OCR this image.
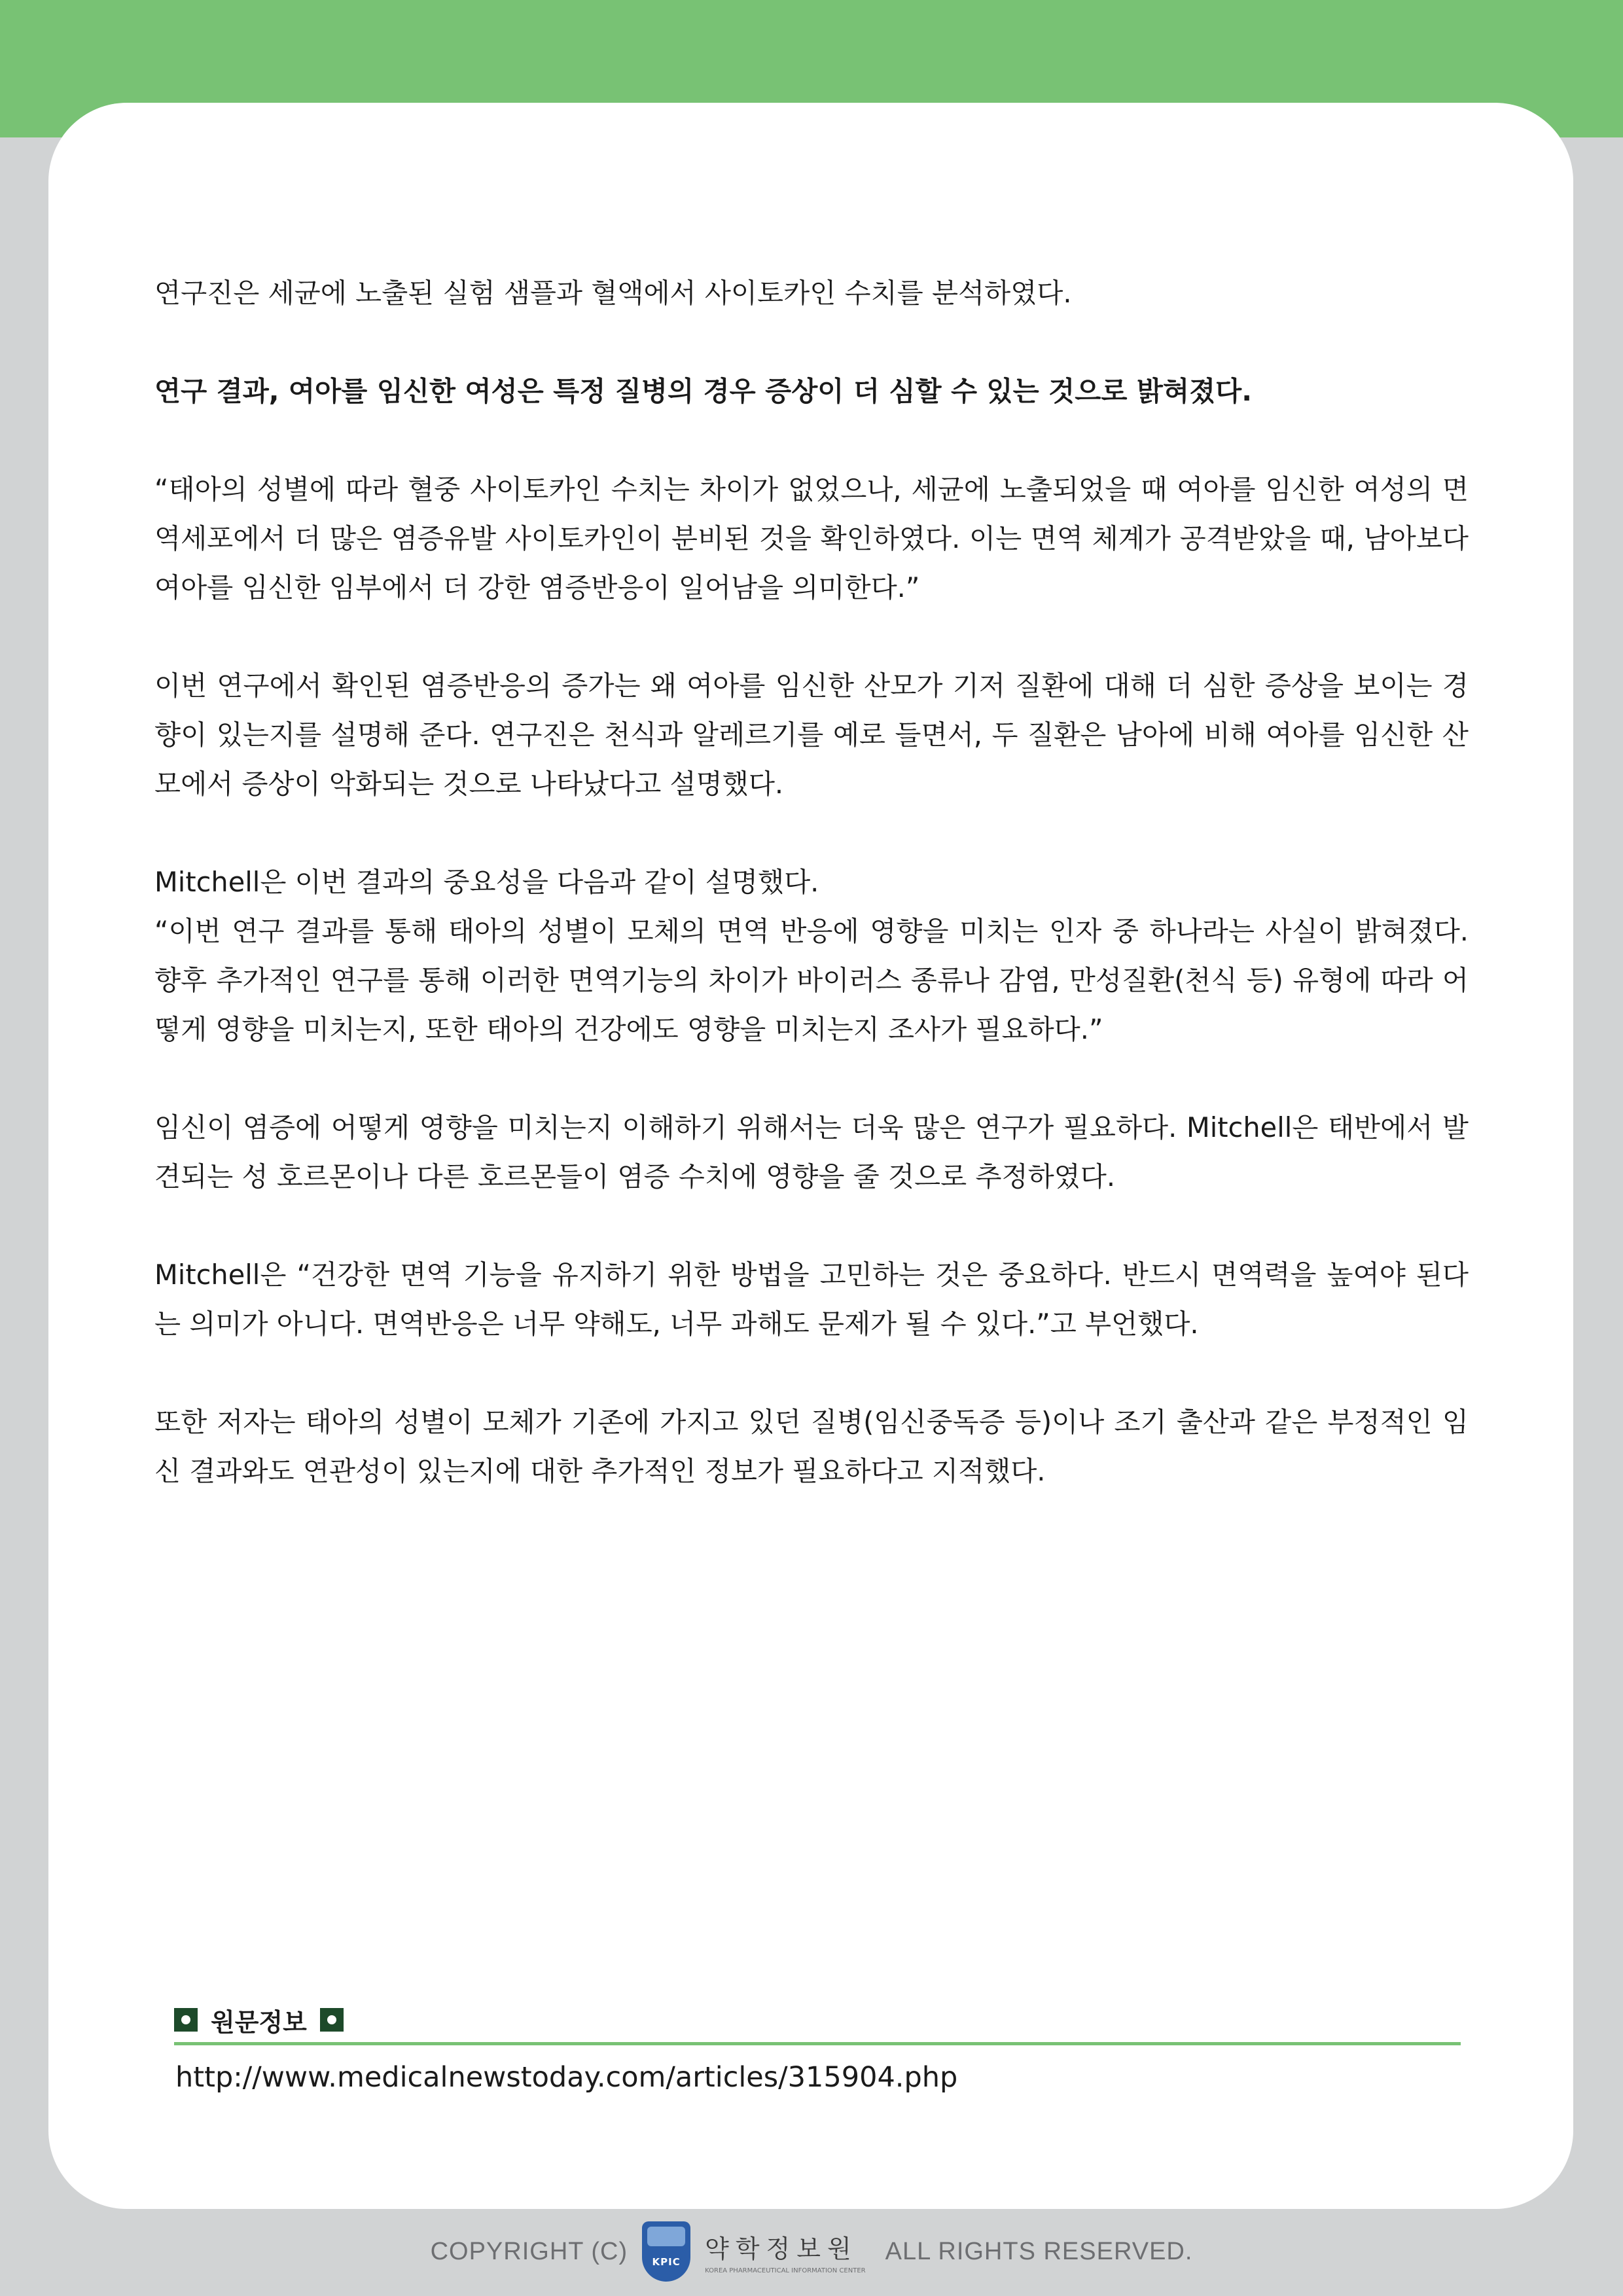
연구진은 세균에 노출된 실험 샘플과 혈액에서 사이토카인 수치를 분석하였다.

연구 결과, 여아를 임신한 여성은 특정 질병의 경우 증상이 더 심할 수 있는 것으로 밝혀졌다.

“태아의 성별에 따라 혈중 사이토카인 수치는 차이가 없었으나, 세균에 노출되었을 때 여아를 임신한 여성의 면역세포에서 더 많은 염증유발 사이토카인이 분비된 것을 확인하였다. 이는 면역 체계가 공격받았을 때, 남아보다 여아를 임신한 임부에서 더 강한 염증반응이 일어남을 의미한다.”

이번 연구에서 확인된 염증반응의 증가는 왜 여아를 임신한 산모가 기저 질환에 대해 더 심한 증상을 보이는 경향이 있는지를 설명해 준다. 연구진은 천식과 알레르기를 예로 들면서, 두 질환은 남아에 비해 여아를 임신한 산모에서 증상이 악화되는 것으로 나타났다고 설명했다.

Mitchell은 이번 결과의 중요성을 다음과 같이 설명했다.

“이번 연구 결과를 통해 태아의 성별이 모체의 면역 반응에 영향을 미치는 인자 중 하나라는 사실이 밝혀졌다. 향후 추가적인 연구를 통해 이러한 면역기능의 차이가 바이러스 종류나 감염, 만성질환(천식 등) 유형에 따라 어떻게 영향을 미치는지, 또한 태아의 건강에도 영향을 미치는지 조사가 필요하다.”

임신이 염증에 어떻게 영향을 미치는지 이해하기 위해서는 더욱 많은 연구가 필요하다. Mitchell은 태반에서 발견되는 성 호르몬이나 다른 호르몬들이 염증 수치에 영향을 줄 것으로 추정하였다.

Mitchell은 “건강한 면역 기능을 유지하기 위한 방법을 고민하는 것은 중요하다. 반드시 면역력을 높여야 된다는 의미가 아니다. 면역반응은 너무 약해도, 너무 과해도 문제가 될 수 있다.”고 부언했다.

또한 저자는 태아의 성별이 모체가 기존에 가지고 있던 질병(임신중독증 등)이나 조기 출산과 같은 부정적인 임신 결과와도 연관성이 있는지에 대한 추가적인 정보가 필요하다고 지적했다.

원문정보
http://www.medicalnewstoday.com/articles/315904.php
COPYRIGHT (C) KPIC 약학정보원
KOREA PHARMACEUTICAL INFORMATION CENTER
ALL RIGHTS RESERVED.
